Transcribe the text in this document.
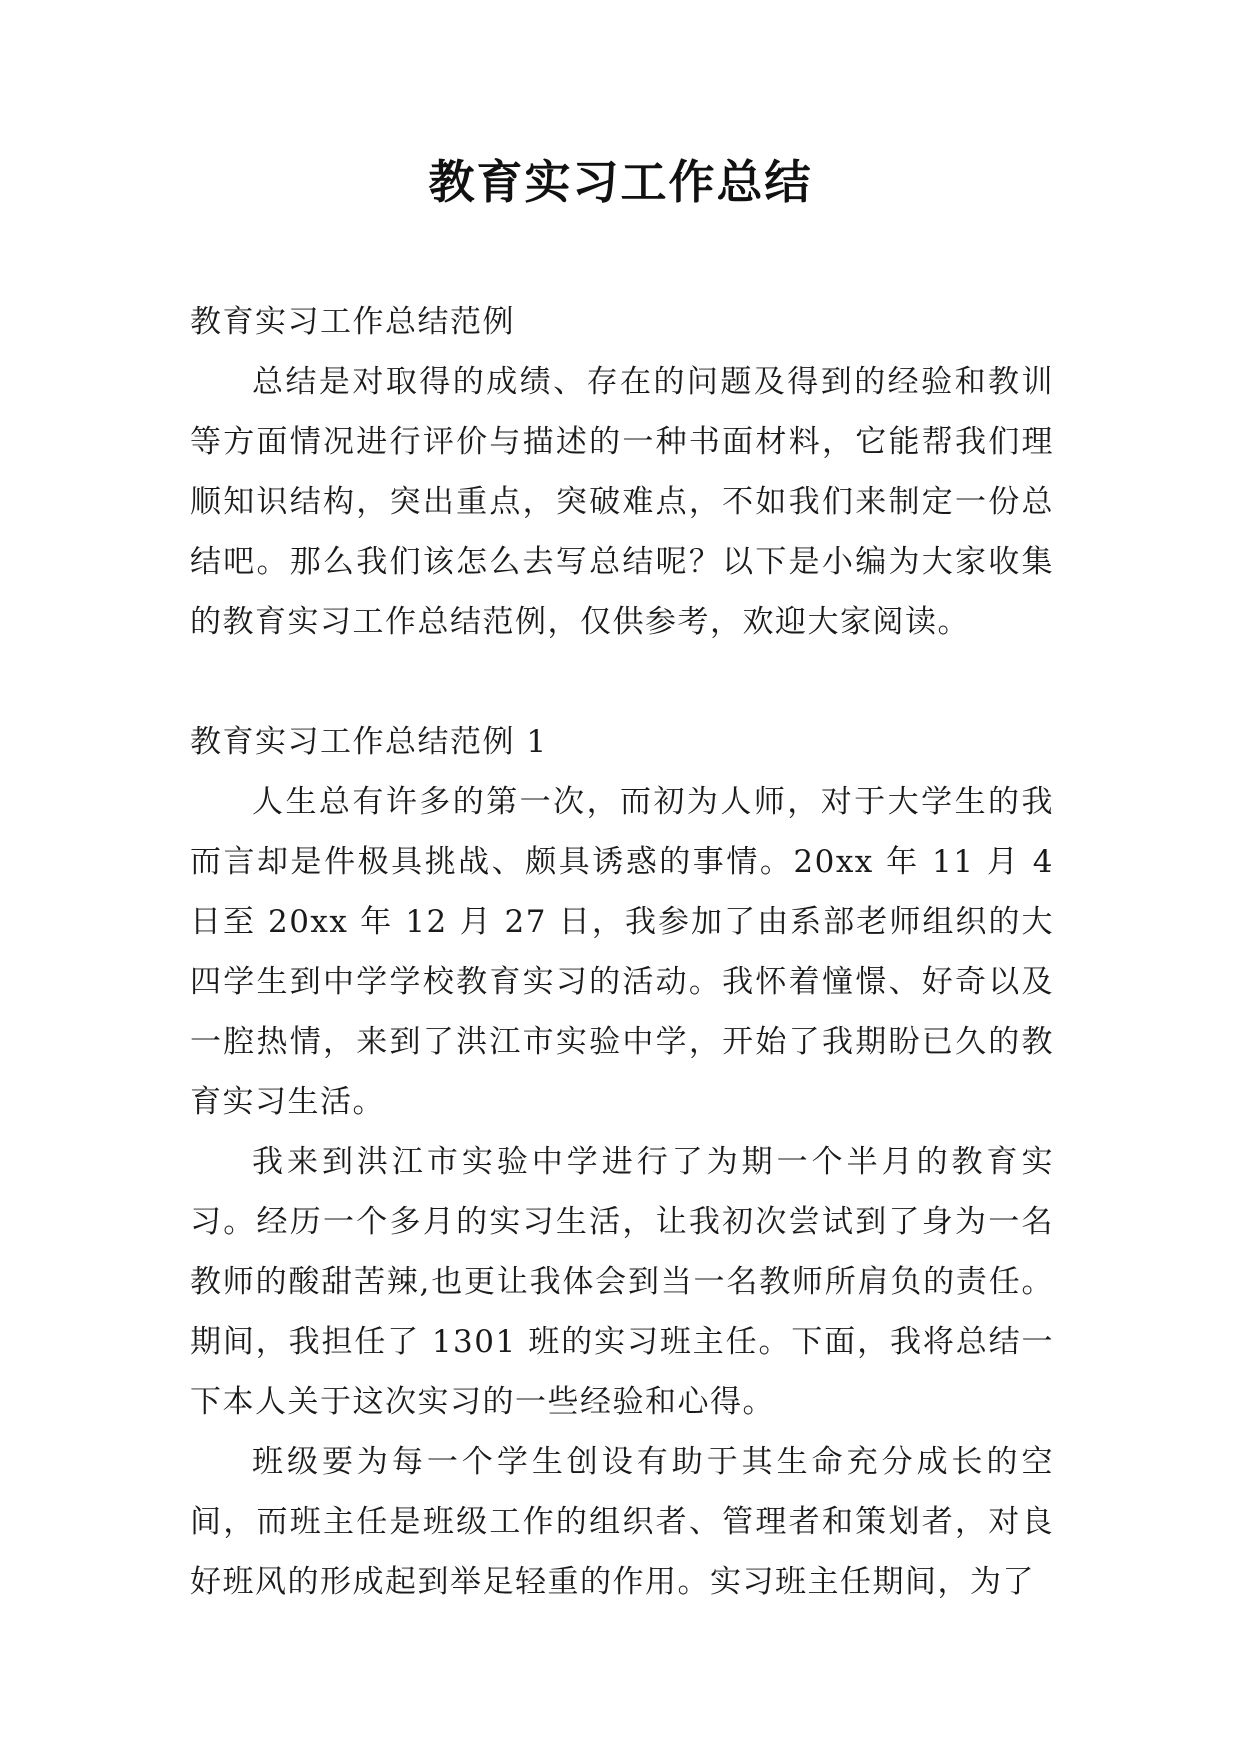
教育实习工作总结

教育实习工作总结范例

总结是对取得的成绩、存在的问题及得到的经验和教训等方面情况进行评价与描述的一种书面材料，它能帮我们理顺知识结构，突出重点，突破难点，不如我们来制定一份总结吧。那么我们该怎么去写总结呢？以下是小编为大家收集的教育实习工作总结范例，仅供参考，欢迎大家阅读。

教育实习工作总结范例 1

人生总有许多的第一次，而初为人师，对于大学生的我而言却是件极具挑战、颇具诱惑的事情。20xx 年 11 月 4 日至 20xx 年 12 月 27 日，我参加了由系部老师组织的大四学生到中学学校教育实习的活动。我怀着憧憬、好奇以及一腔热情，来到了洪江市实验中学，开始了我期盼已久的教育实习生活。

我来到洪江市实验中学进行了为期一个半月的教育实习。经历一个多月的实习生活，让我初次尝试到了身为一名教师的酸甜苦辣,也更让我体会到当一名教师所肩负的责任。期间，我担任了 1301 班的实习班主任。下面，我将总结一下本人关于这次实习的一些经验和心得。

班级要为每一个学生创设有助于其生命充分成长的空间，而班主任是班级工作的组织者、管理者和策划者，对良好班风的形成起到举足轻重的作用。实习班主任期间，为了
